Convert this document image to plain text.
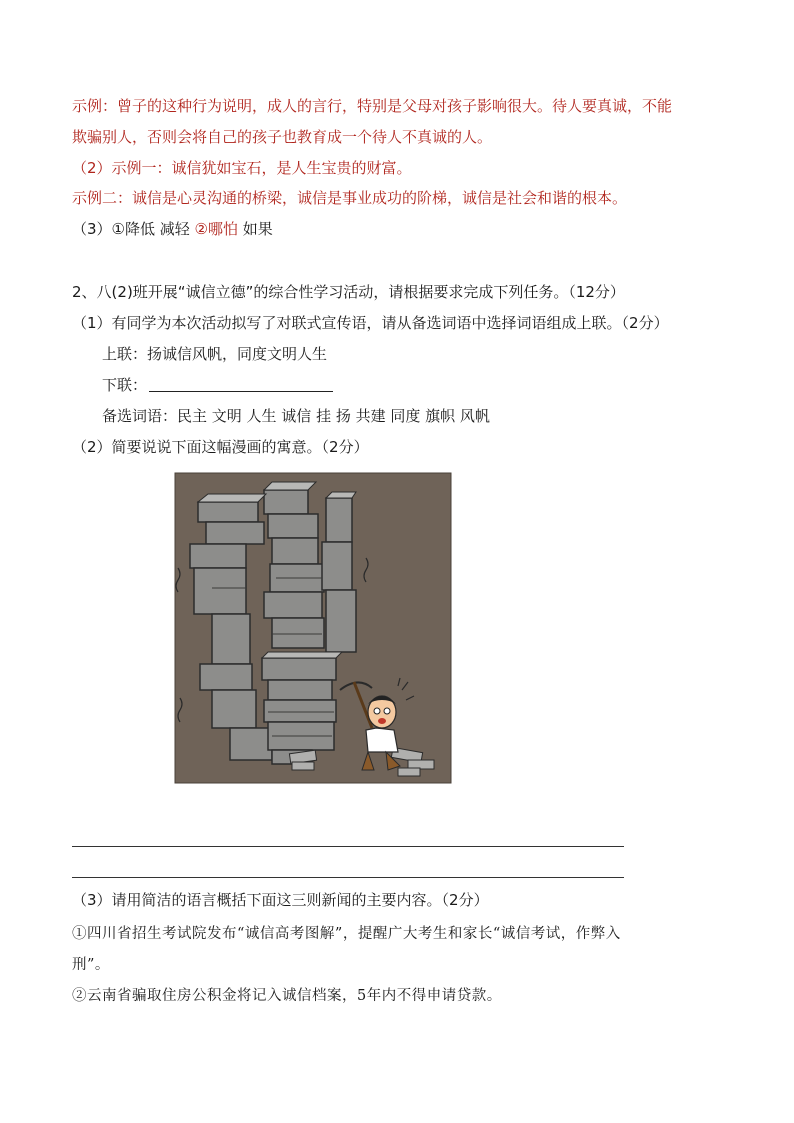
示例：曾子的这种行为说明，成人的言行，特别是父母对孩子影响很大。待人要真诚，不能
欺骗别人，否则会将自己的孩子也教育成一个待人不真诚的人。
（2）示例一：诚信犹如宝石，是人生宝贵的财富。
示例二：诚信是心灵沟通的桥梁，诚信是事业成功的阶梯，诚信是社会和谐的根本。
（3）①降低 减轻 ②哪怕 如果
2、八(2)班开展“诚信立德”的综合性学习活动，请根据要求完成下列任务。（12分）
（1）有同学为本次活动拟写了对联式宣传语，请从备选词语中选择词语组成上联。（2分）
上联：扬诚信风帆，同度文明人生
下联：
备选词语：民主 文明 人生 诚信 挂 扬 共建 同度 旗帜 风帆
（2）简要说说下面这幅漫画的寓意。（2分）
（3）请用简洁的语言概括下面这三则新闻的主要内容。（2分）
①四川省招生考试院发布“诚信高考图解”，提醒广大考生和家长“诚信考试，作弊入
刑”。
②云南省骗取住房公积金将记入诚信档案，5年内不得申请贷款。
